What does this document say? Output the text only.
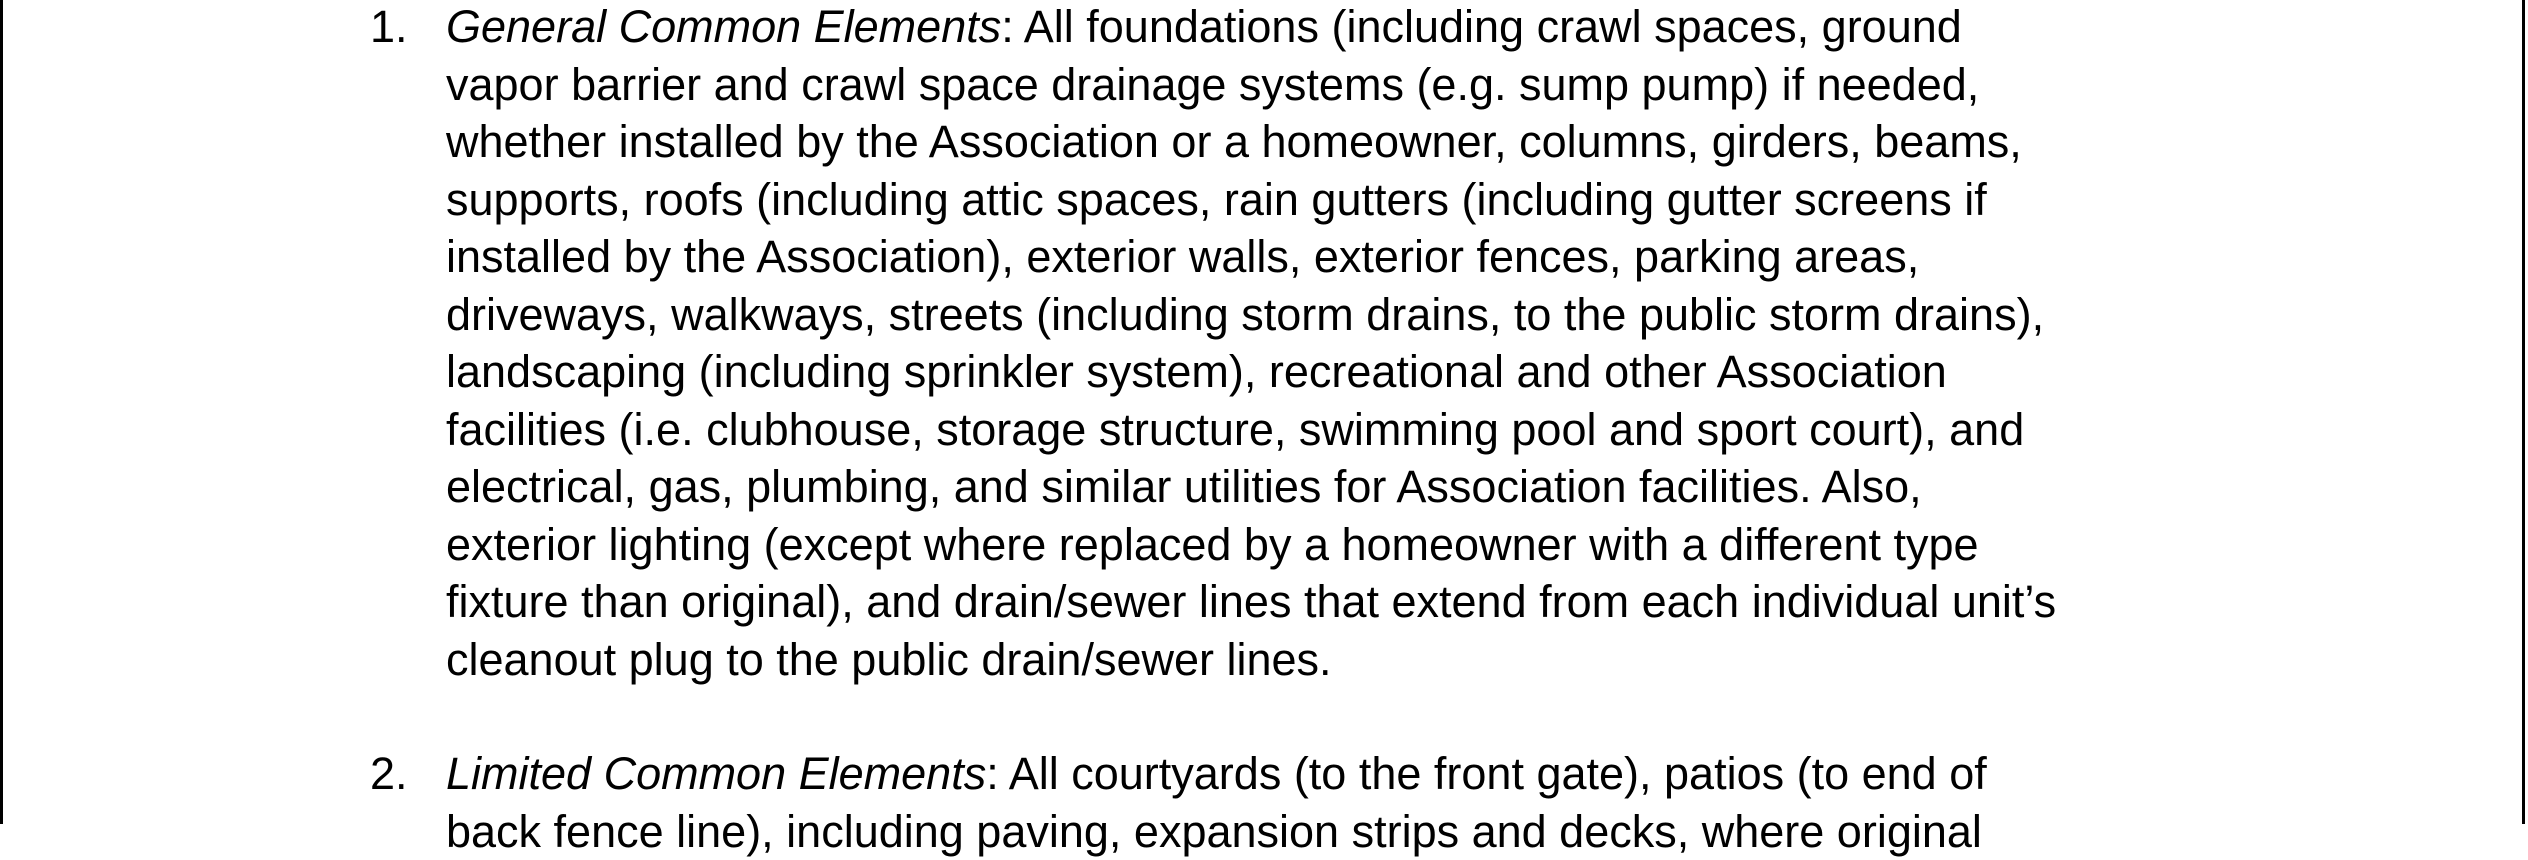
1. General Common Elements: All foundations (including crawl spaces, ground
vapor barrier and crawl space drainage systems (e.g. sump pump) if needed,
whether installed by the Association or a homeowner, columns, girders, beams,
supports, roofs (including attic spaces, rain gutters (including gutter screens if
installed by the Association), exterior walls, exterior fences, parking areas,
driveways, walkways, streets (including storm drains, to the public storm drains),
landscaping (including sprinkler system), recreational and other Association
facilities (i.e. clubhouse, storage structure, swimming pool and sport court), and
electrical, gas, plumbing, and similar utilities for Association facilities. Also,
exterior lighting (except where replaced by a homeowner with a different type
fixture than original), and drain/sewer lines that extend from each individual unit’s
cleanout plug to the public drain/sewer lines.
2. Limited Common Elements: All courtyards (to the front gate), patios (to end of
back fence line), including paving, expansion strips and decks, where original
